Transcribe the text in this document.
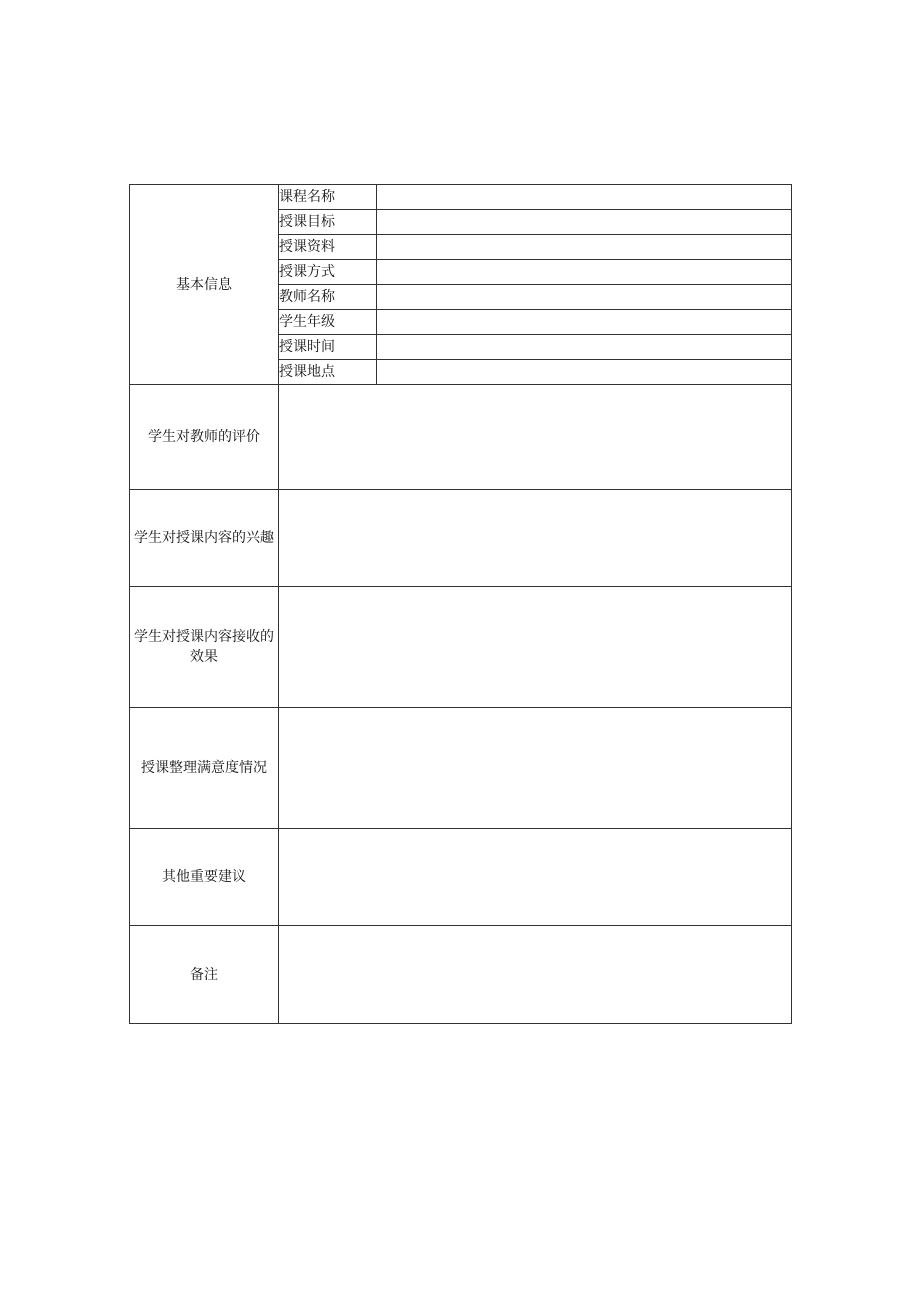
基本信息	课程名称	
	授课目标	
	授课资料	
	授课方式	
	教师名称	
	学生年级	
	授课时间	
	授课地点	
学生对教师的评价		
学生对授课内容的兴趣		
学生对授课内容接收的效果		
授课整理满意度情况		
其他重要建议		
备注		
